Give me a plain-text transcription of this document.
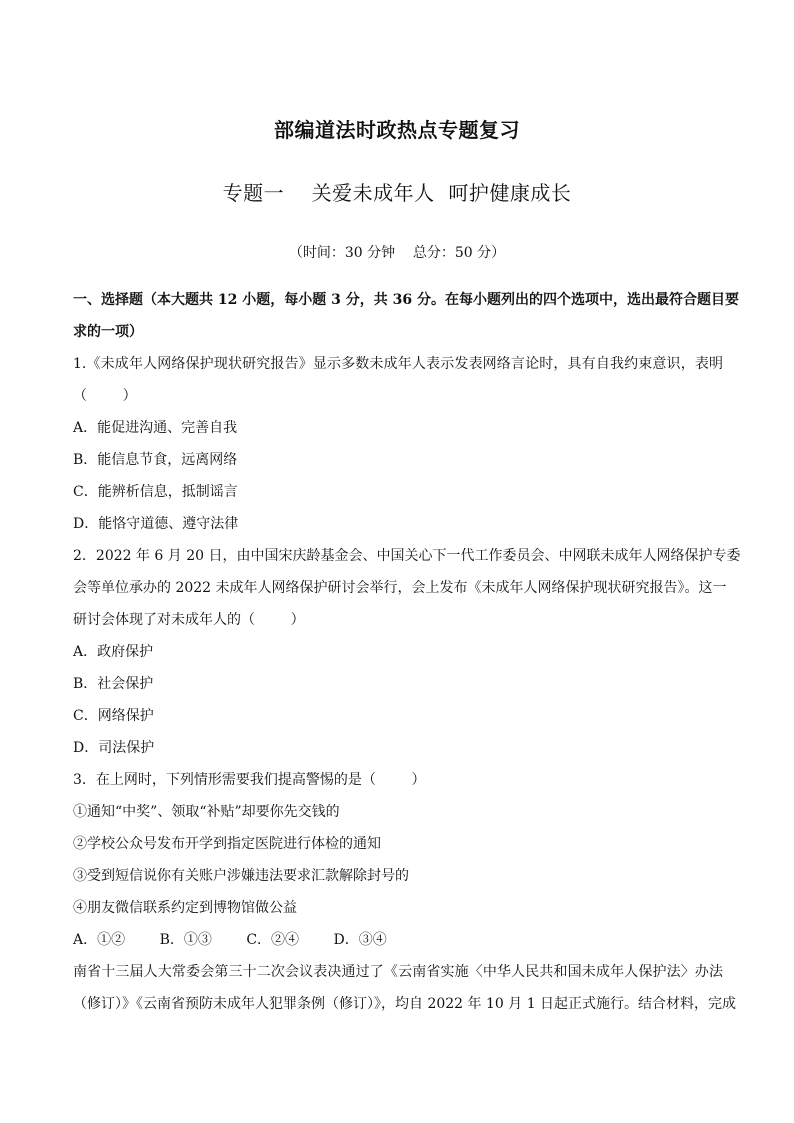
部编道法时政热点专题复习
专题一    关爱未成年人  呵护健康成长
（时间：30 分钟    总分：50 分）
一、选择题（本大题共 12 小题，每小题 3 分，共 36 分。在每小题列出的四个选项中，选出最符合题目要
求的一项）
1.《未成年人网络保护现状研究报告》显示多数未成年人表示发表网络言论时，具有自我约束意识，表明
（        ）
A．能促进沟通、完善自我
B．能信息节食，远离网络
C．能辨析信息，抵制谣言
D．能恪守道德、遵守法律
2．2022 年 6 月 20 日，由中国宋庆龄基金会、中国关心下一代工作委员会、中网联未成年人网络保护专委
会等单位承办的 2022 未成年人网络保护研讨会举行，会上发布《未成年人网络保护现状研究报告》。这一
研讨会体现了对未成年人的（        ）
A．政府保护
B．社会保护
C．网络保护
D．司法保护
3．在上网时，下列情形需要我们提高警惕的是（        ）
①通知“中奖”、领取“补贴”却要你先交钱的
②学校公众号发布开学到指定医院进行体检的通知
③受到短信说你有关账户涉嫌违法要求汇款解除封号的
④朋友微信联系约定到博物馆做公益
A．①② B．①③ C．②④ D．③④
南省十三届人大常委会第三十二次会议表决通过了《云南省实施〈中华人民共和国未成年人保护法〉办法
（修订）》《云南省预防未成年人犯罪条例（修订）》，均自 2022 年 10 月 1 日起正式施行。结合材料，完成
